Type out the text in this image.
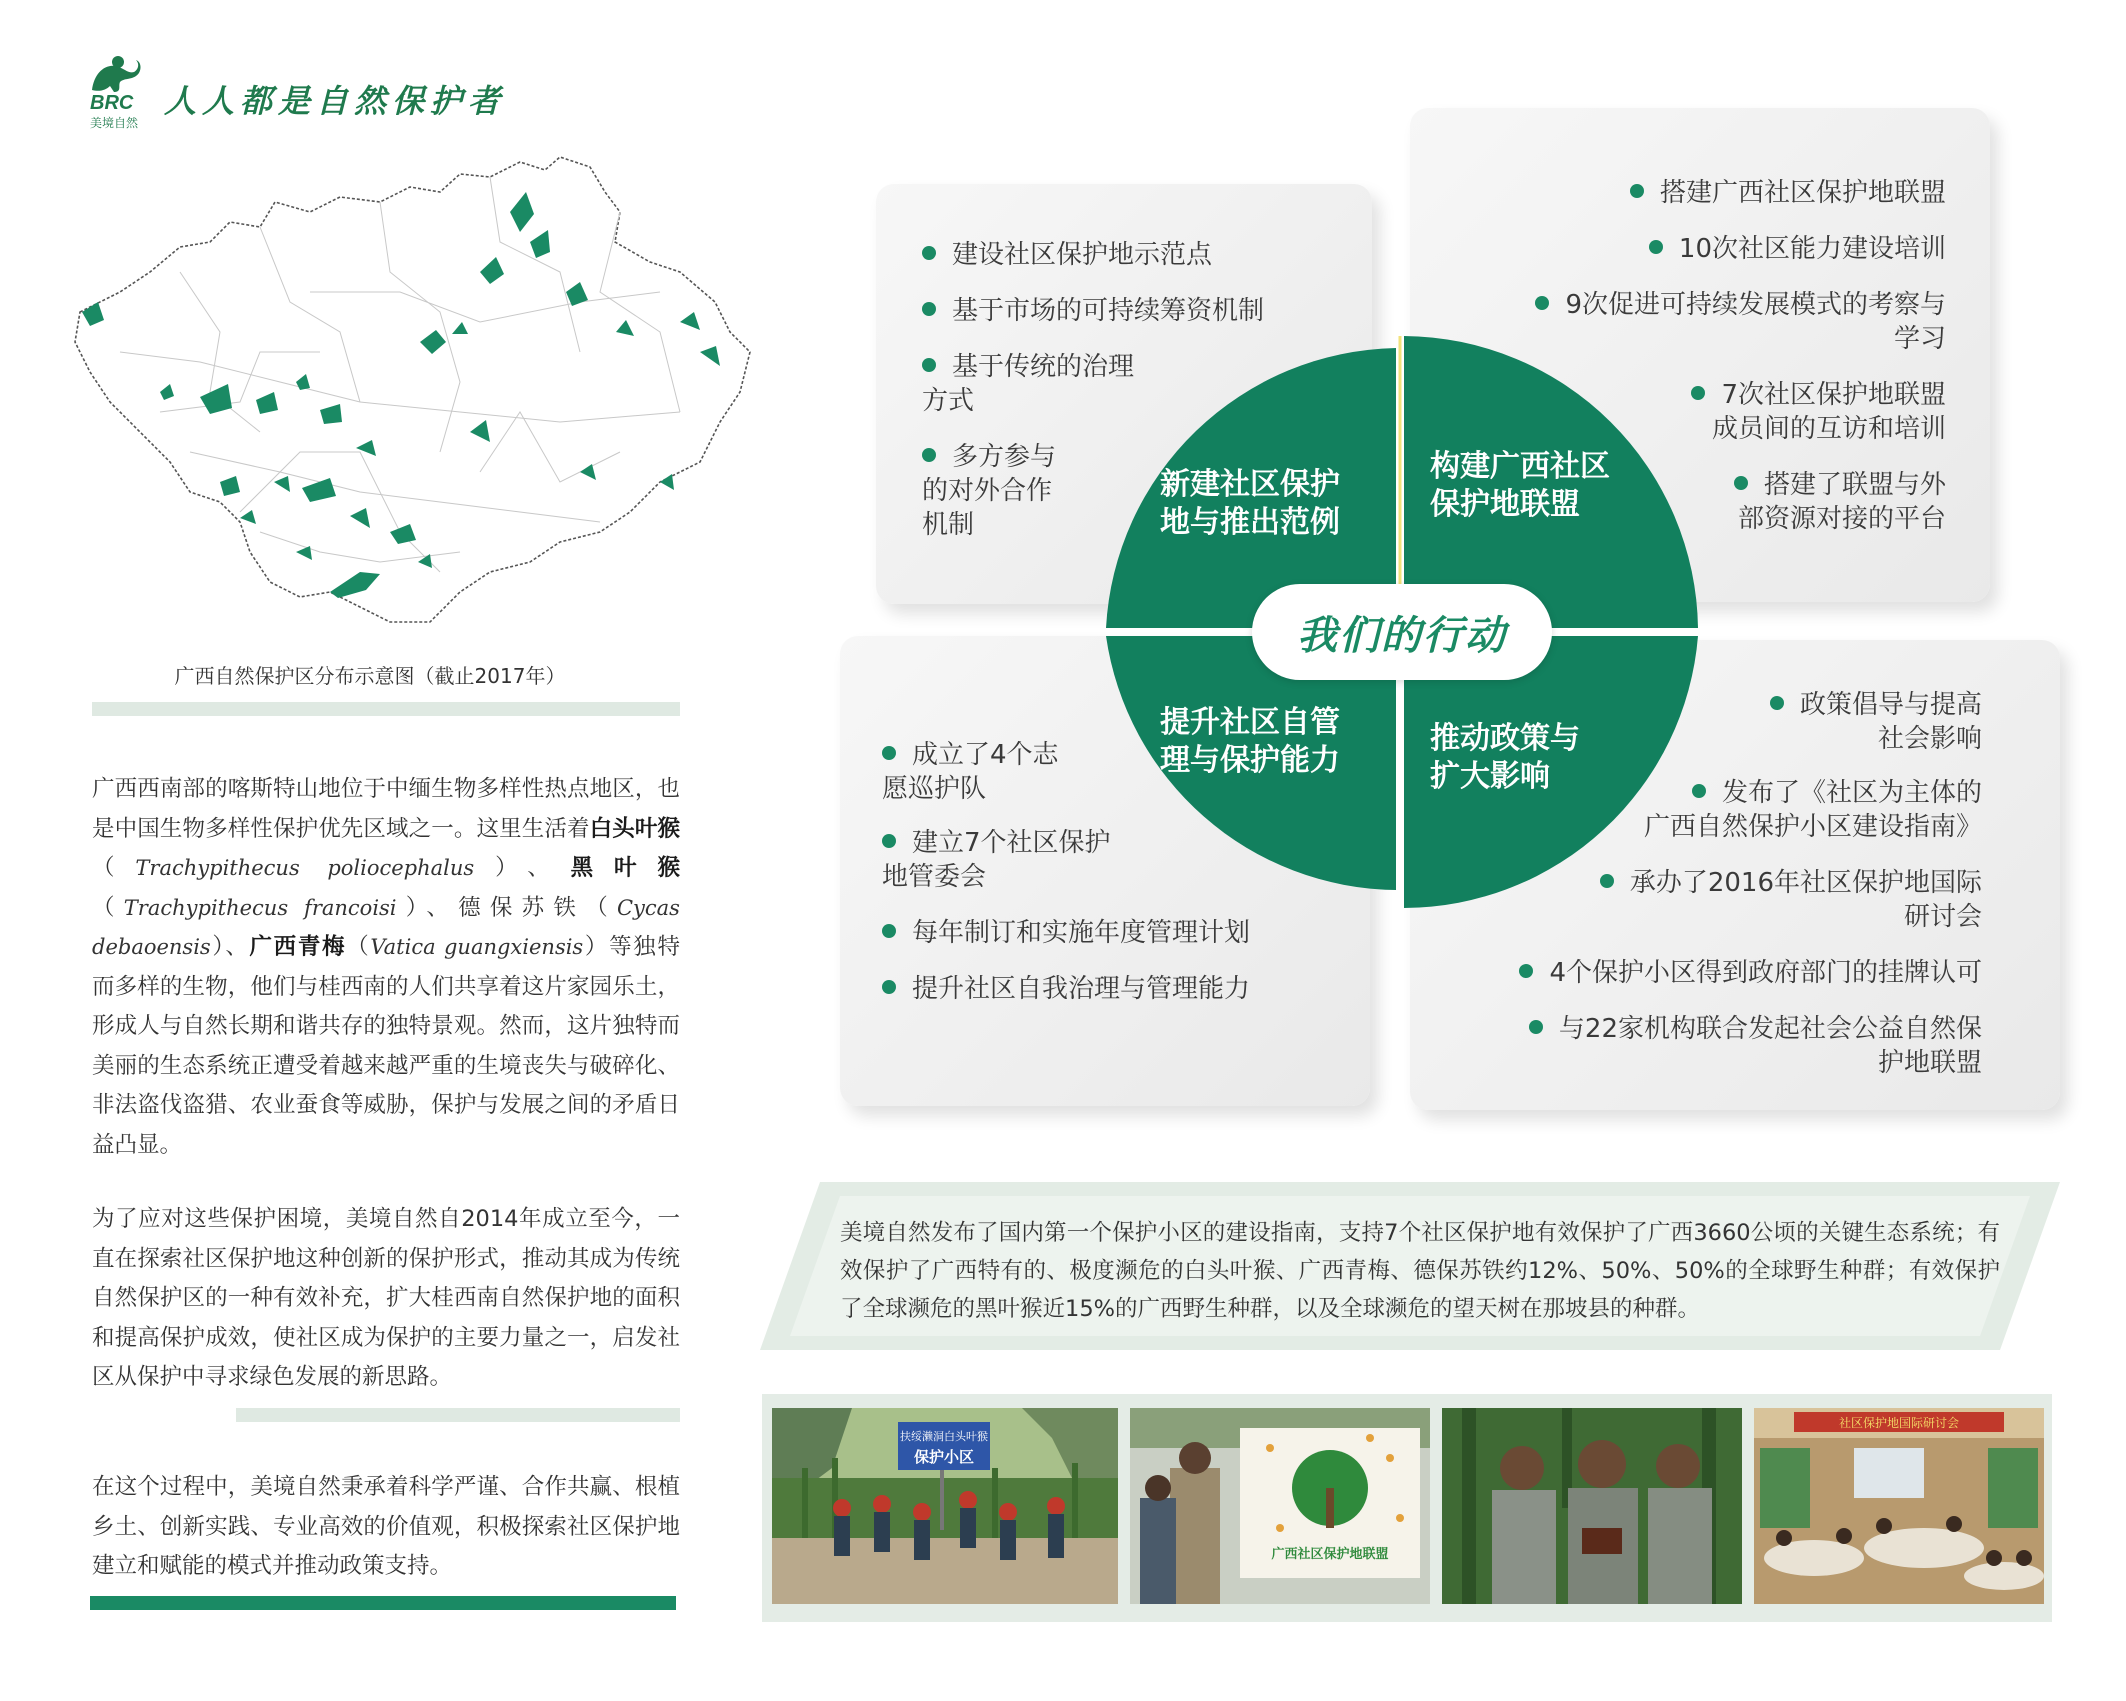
BRC
美境自然
人人都是自然保护者
广西自然保护区分布示意图（截止2017年）
广西西南部的喀斯特山地位于中缅生物多样性热点地区，也是中国生物多样性保护优先区域之一。这里生活着白头叶猴（Trachypithecus poliocephalus）、黑叶猴（Trachypithecus francoisi）、德保苏铁（Cycas debaoensis）、广西青梅（Vatica guangxiensis）等独特而多样的生物，他们与桂西南的人们共享着这片家园乐土，形成人与自然长期和谐共存的独特景观。然而，这片独特而美丽的生态系统正遭受着越来越严重的生境丧失与破碎化、非法盗伐盗猎、农业蚕食等威胁，保护与发展之间的矛盾日益凸显。
为了应对这些保护困境，美境自然自2014年成立至今，一直在探索社区保护地这种创新的保护形式，推动其成为传统自然保护区的一种有效补充，扩大桂西南自然保护地的面积和提高保护成效，使社区成为保护的主要力量之一，启发社区从保护中寻求绿色发展的新思路。
在这个过程中，美境自然秉承着科学严谨、合作共赢、根植乡土、创新实践、专业高效的价值观，积极探索社区保护地建立和赋能的模式并推动政策支持。
建设社区保护地示范点
基于市场的可持续筹资机制
基于传统的治理
方式
多方参与
的对外合作
机制
搭建广西社区保护地联盟
10次社区能力建设培训
9次促进可持续发展模式的考察与
学习
7次社区保护地联盟
成员间的互访和培训
搭建了联盟与外
部资源对接的平台
成立了4个志
愿巡护队
建立7个社区保护
地管委会
每年制订和实施年度管理计划
提升社区自我治理与管理能力
政策倡导与提高
社会影响
发布了《社区为主体的
广西自然保护小区建设指南》
承办了2016年社区保护地国际
研讨会
4个保护小区得到政府部门的挂牌认可
与22家机构联合发起社会公益自然保
护地联盟
新建社区保护
地与推出范例
构建广西社区
保护地联盟
提升社区自管
理与保护能力
推动政策与
扩大影响
我们的行动
美境自然发布了国内第一个保护小区的建设指南，支持7个社区保护地有效保护了广西3660公顷的关键生态系统；有效保护了广西特有的、极度濒危的白头叶猴、广西青梅、德保苏铁约12%、50%、50%的全球野生种群；有效保护了全球濒危的黑叶猴近15%的广西野生种群，以及全球濒危的望天树在那坡县的种群。
扶绥濑洞白头叶猴
保护小区
广西社区保护地联盟
社区保护地国际研讨会
